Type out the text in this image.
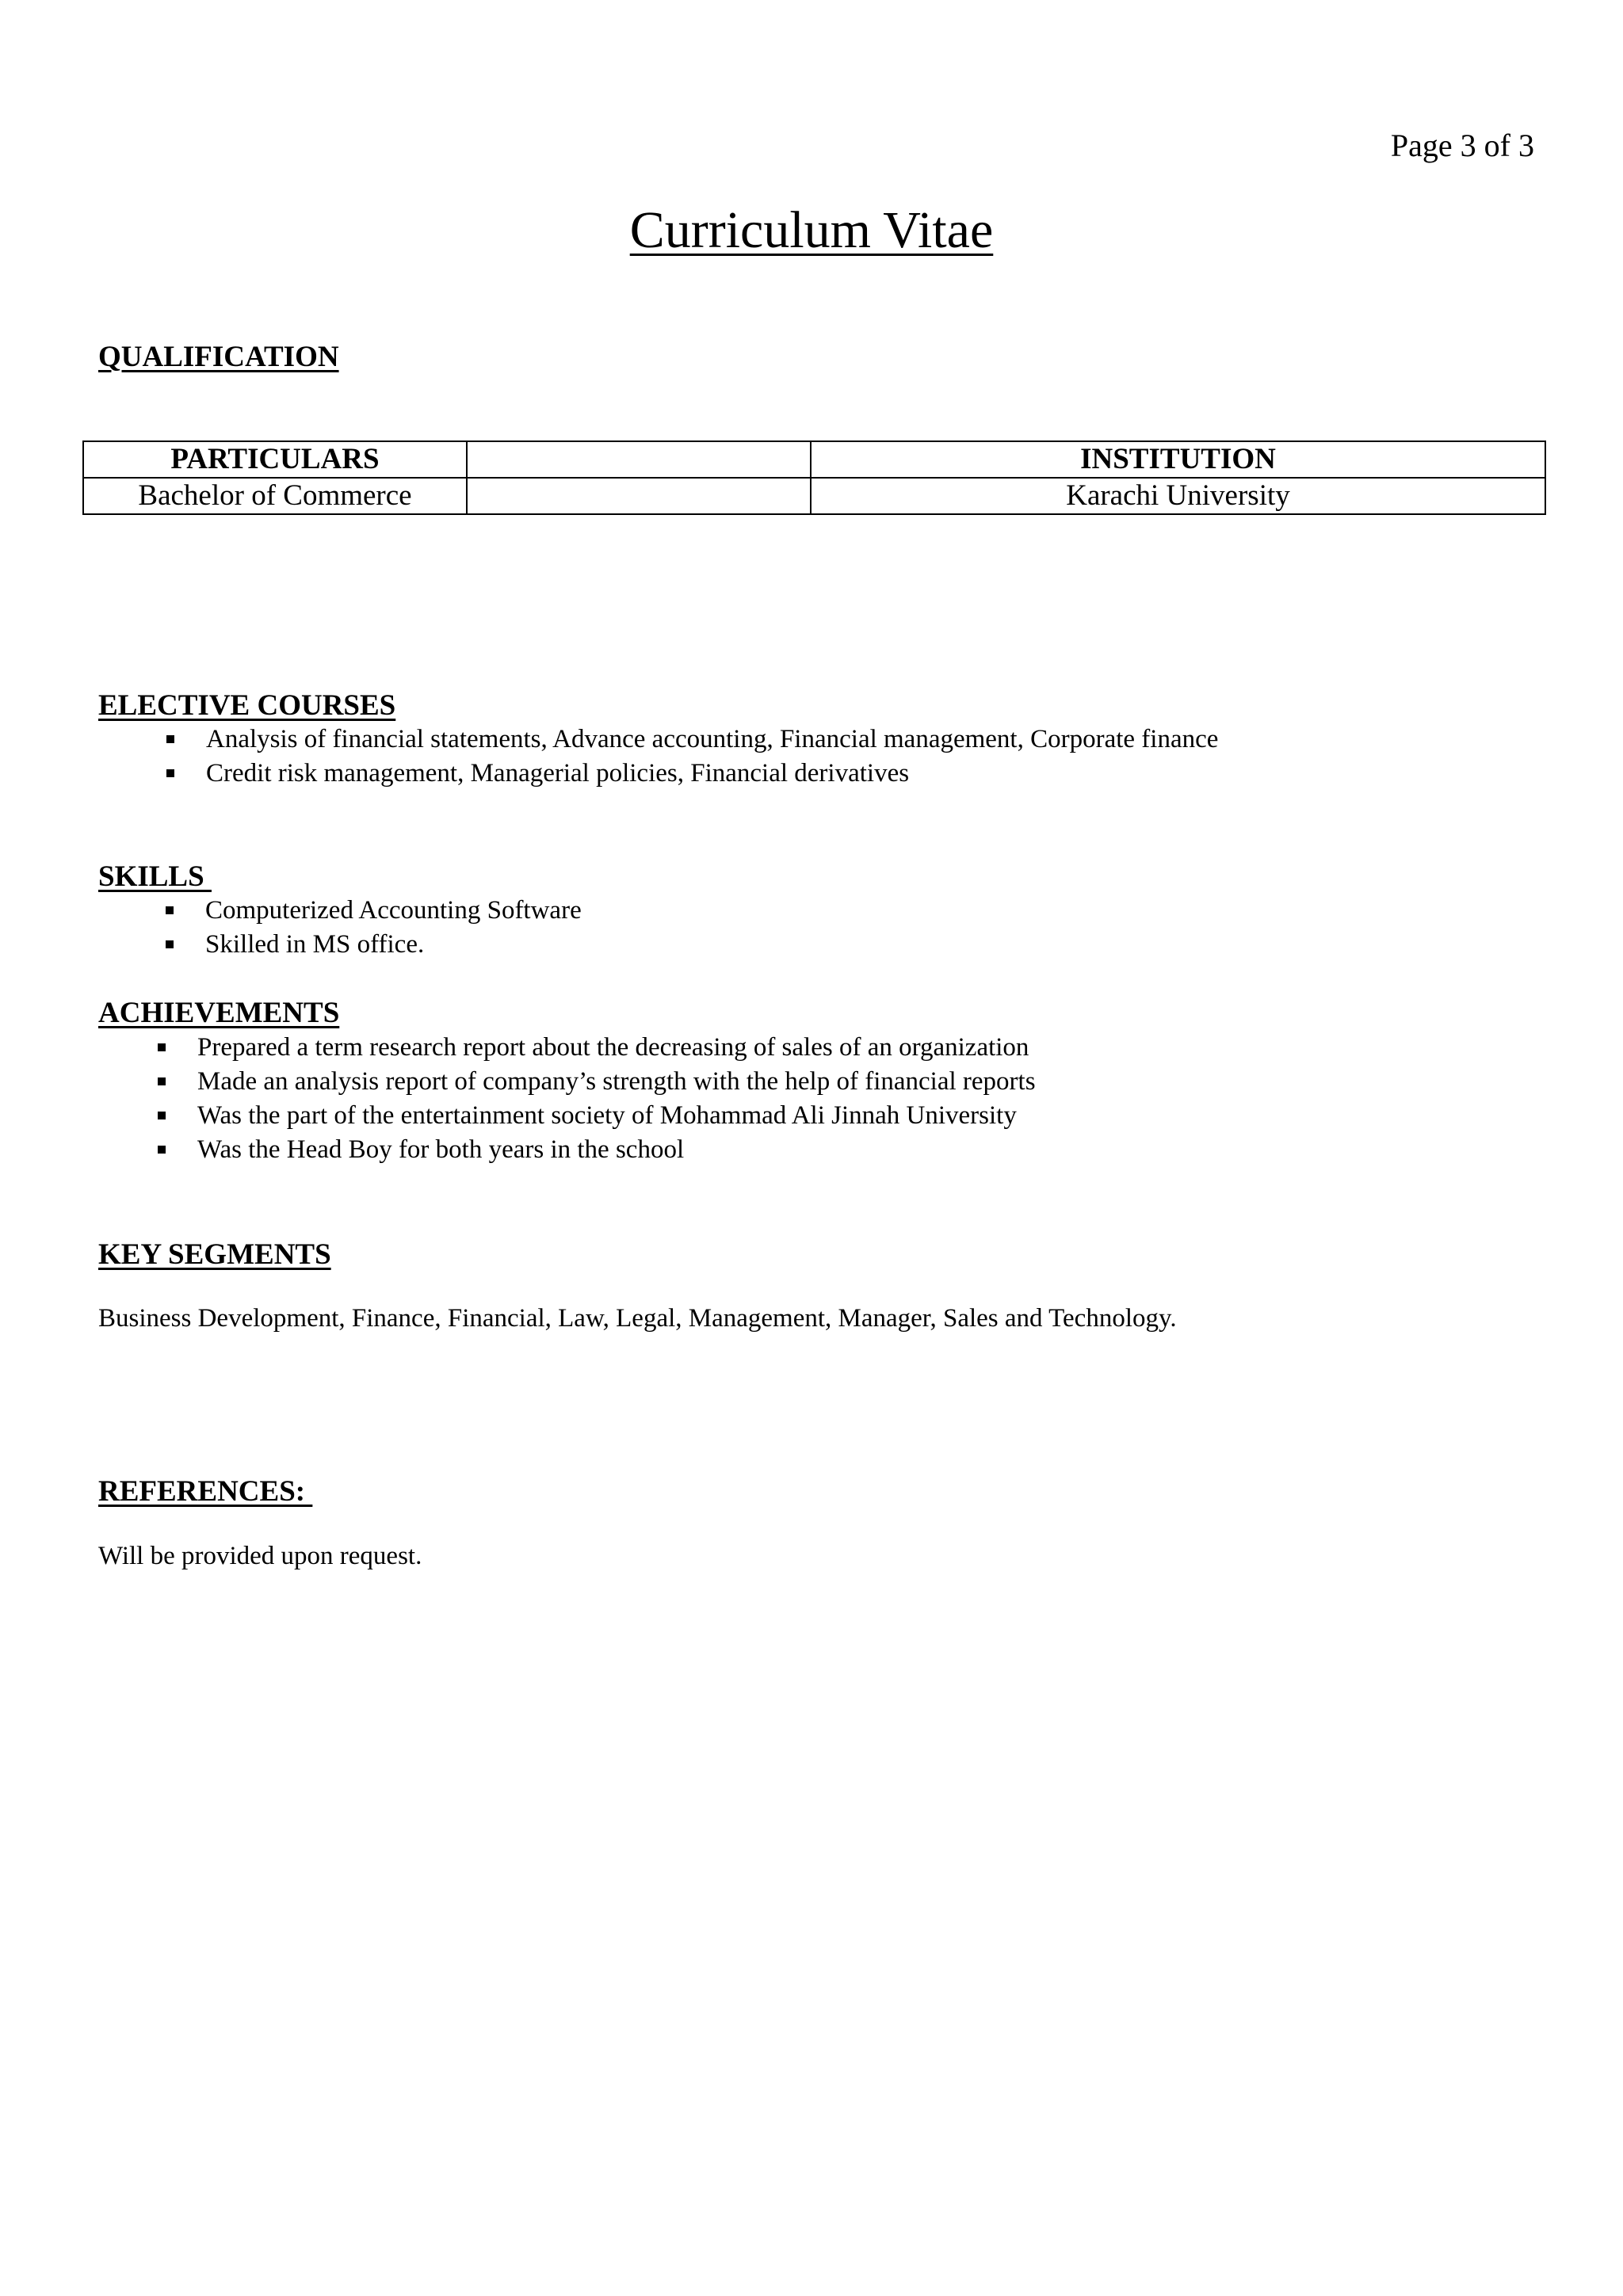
Page 3 of 3
Curriculum Vitae
QUALIFICATION
PARTICULARS		INSTITUTION
Bachelor of Commerce		Karachi University
ELECTIVE COURSES
Analysis of financial statements, Advance accounting, Financial management, Corporate finance
Credit risk management, Managerial policies, Financial derivatives
SKILLS
Computerized Accounting Software
Skilled in MS office.
ACHIEVEMENTS
Prepared a term research report about the decreasing of sales of an organization
Made an analysis report of company’s strength with the help of financial reports
Was the part of the entertainment society of Mohammad Ali Jinnah University
Was the Head Boy for both years in the school
KEY SEGMENTS
Business Development, Finance, Financial, Law, Legal, Management, Manager, Sales and Technology.
REFERENCES:
Will be provided upon request.
